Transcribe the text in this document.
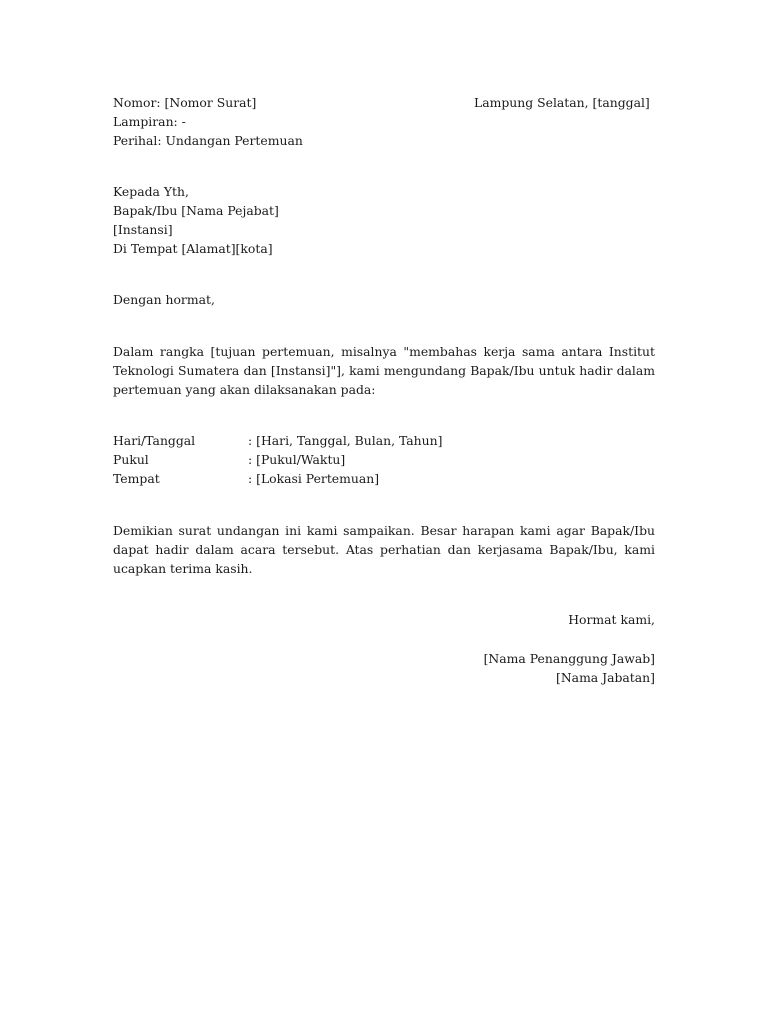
Nomor: [Nomor Surat]	Lampung Selatan, [tanggal]

Lampiran: -

Perihal: Undangan Pertemuan

Kepada Yth,

Bapak/Ibu [Nama Pejabat]

[Instansi]

Di Tempat [Alamat][kota]

Dengan hormat,

Dalam rangka [tujuan pertemuan, misalnya "membahas kerja sama antara Institut Teknologi Sumatera dan [Instansi]"], kami mengundang Bapak/Ibu untuk hadir dalam pertemuan yang akan dilaksanakan pada:

Hari/Tanggal	: [Hari, Tanggal, Bulan, Tahun]
Pukul	: [Pukul/Waktu]
Tempat	: [Lokasi Pertemuan]

Demikian surat undangan ini kami sampaikan. Besar harapan kami agar Bapak/Ibu dapat hadir dalam acara tersebut. Atas perhatian dan kerjasama Bapak/Ibu, kami ucapkan terima kasih.

Hormat kami,

[Nama Penanggung Jawab]

[Nama Jabatan]
